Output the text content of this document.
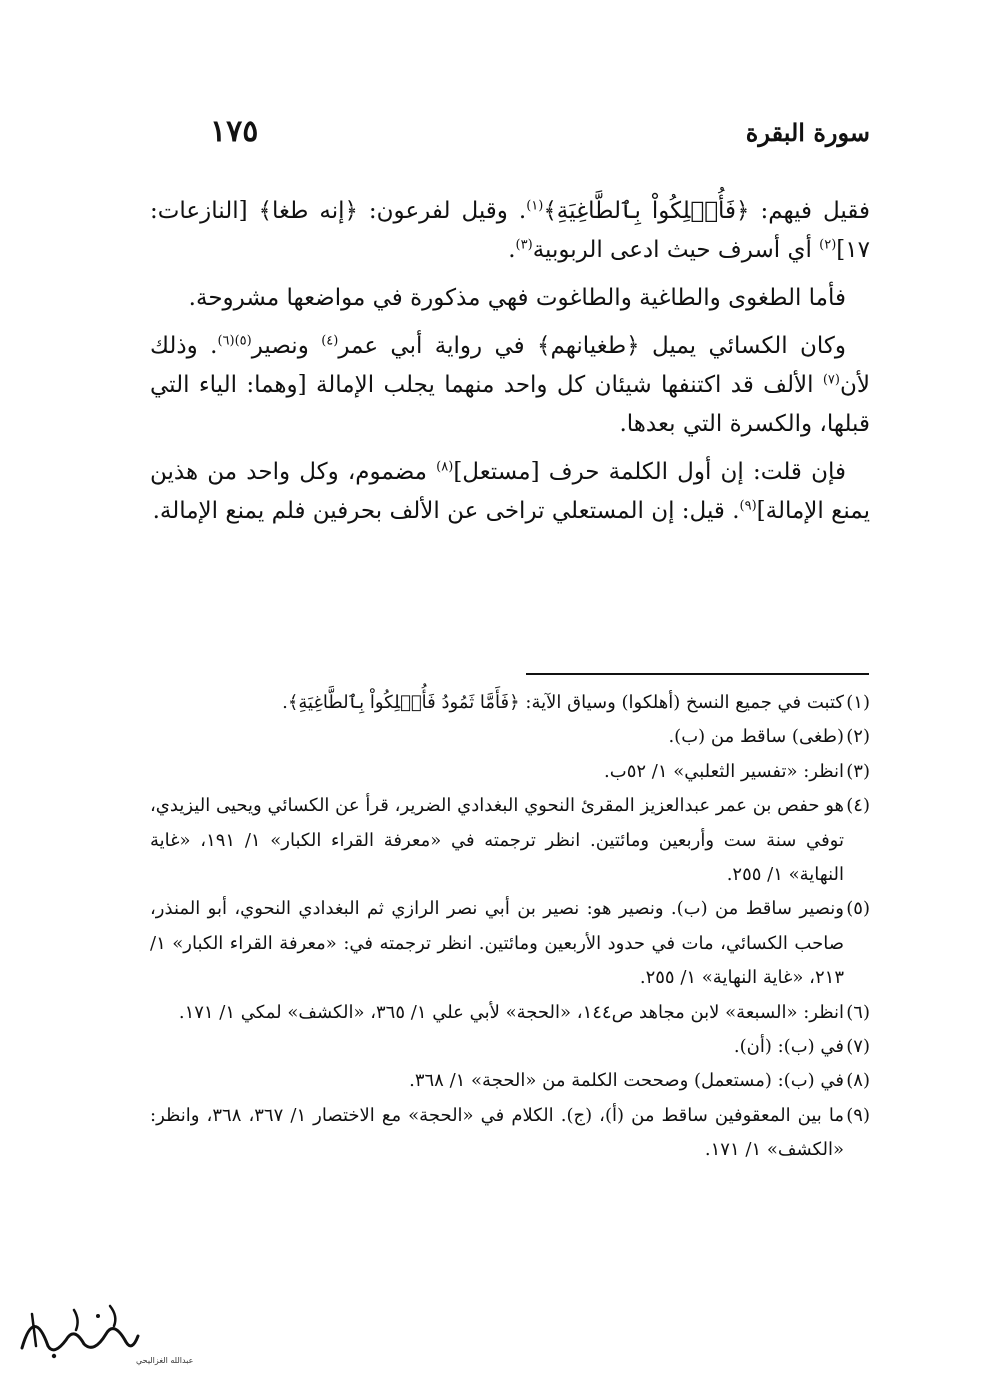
سورة البقرة
١٧٥

فقيل فيهم: ﴿فَأُهۡلِكُواْ بِٱلطَّاغِيَةِ﴾$^{(١)}$. وقيل لفرعون: ﴿إنه طغا﴾ [النازعات: ١٧]$^{(٢)}$ أي أسرف حيث ادعى الربوبية$^{(٣)}$.

فأما الطغوى والطاغية والطاغوت فهي مذكورة في مواضعها مشروحة.

وكان الكسائي يميل ﴿طغيانهم﴾ في رواية أبي عمر$^{(٤)}$ ونصير$^{(٥)(٦)}$. وذلك لأن$^{(٧)}$ الألف قد اكتنفها شيئان كل واحد منهما يجلب الإمالة [وهما: الياء التي قبلها، والكسرة التي بعدها.

فإن قلت: إن أول الكلمة حرف [مستعل]$^{(٨)}$ مضموم، وكل واحد من هذين يمنع الإمالة]$^{(٩)}$. قيل: إن المستعلي تراخى عن الألف بحرفين فلم يمنع الإمالة.

(١)
كتبت في جميع النسخ (أهلكوا) وسياق الآية: ﴿فَأَمَّا ثَمُودُ فَأُهۡلِكُواْ بِٱلطَّاغِيَةِ﴾.
(٢)
(طغى) ساقط من (ب).
(٣)
انظر: «تفسير الثعلبي» ١/ ٥٢ب.
(٤)
هو حفص بن عمر عبدالعزيز المقرئ النحوي البغدادي الضرير، قرأ عن الكسائي ويحيى اليزيدي، توفي سنة ست وأربعين ومائتين. انظر ترجمته في «معرفة القراء الكبار» ١/ ١٩١، «غاية النهاية» ١/ ٢٥٥.
(٥)
ونصير ساقط من (ب). ونصير هو: نصير بن أبي نصر الرازي ثم البغدادي النحوي، أبو المنذر، صاحب الكسائي، مات في حدود الأربعين ومائتين. انظر ترجمته في: «معرفة القراء الكبار» ١/ ٢١٣، «غاية النهاية» ١/ ٢٥٥.
(٦)
انظر: «السبعة» لابن مجاهد ص١٤٤، «الحجة» لأبي علي ١/ ٣٦٥، «الكشف» لمكي ١/ ١٧١.
(٧)
في (ب): (أن).
(٨)
في (ب): (مستعمل) وصححت الكلمة من «الحجة» ١/ ٣٦٨.
(٩)
ما بين المعقوفين ساقط من (أ)، (ج). الكلام في «الحجة» مع الاختصار ١/ ٣٦٧، ٣٦٨، وانظر: «الكشف» ١/ ١٧١.
عبدالله الغزاليحي
